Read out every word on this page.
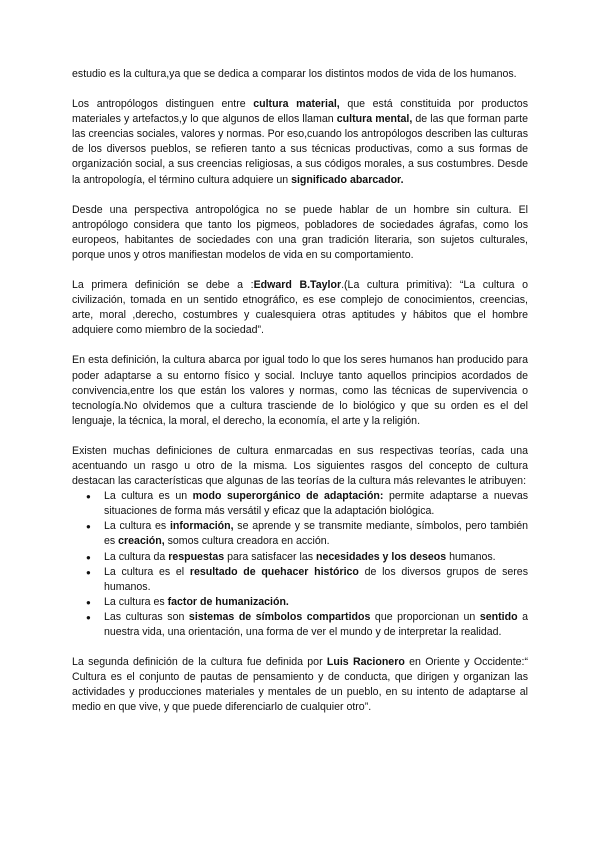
estudio es la cultura,ya que se dedica a comparar los distintos modos de vida de los humanos.

Los antropólogos distinguen entre cultura material, que está constituida por productos materiales y artefactos,y lo que algunos de ellos llaman cultura mental, de las que forman parte las creencias sociales, valores y normas. Por eso,cuando los antropólogos describen las culturas de los diversos pueblos, se refieren tanto a sus técnicas productivas, como a sus formas de organización social, a sus creencias religiosas, a sus códigos morales, a sus costumbres. Desde la antropología, el término cultura adquiere un significado abarcador.

Desde una perspectiva antropológica no se puede hablar de un hombre sin cultura. El antropólogo considera que tanto los pigmeos, pobladores de sociedades ágrafas, como los europeos, habitantes de sociedades con una gran tradición literaria, son sujetos culturales, porque unos y otros manifiestan modelos de vida en su comportamiento.

La primera definición se debe a :Edward B.Taylor.(La cultura primitiva): “La cultura o civilización, tomada en un sentido etnográfico, es ese complejo de conocimientos, creencias, arte, moral ,derecho, costumbres y cualesquiera otras aptitudes y hábitos que el hombre adquiere como miembro de la sociedad”.

En esta definición, la cultura abarca por igual todo lo que los seres humanos han producido para poder adaptarse a su entorno físico y social. Incluye tanto aquellos principios acordados de convivencia,entre los que están los valores y normas, como las técnicas de supervivencia o tecnología.No olvidemos que a cultura trasciende de lo biológico y que su orden es el del lenguaje, la técnica, la moral, el derecho, la economía, el arte y la religión.

Existen muchas definiciones de cultura enmarcadas en sus respectivas teorías, cada una acentuando un rasgo u otro de la misma. Los siguientes rasgos del concepto de cultura destacan las características que algunas de las teorías de la cultura más relevantes le atribuyen:

● La cultura es un modo superorgánico de adaptación: permite adaptarse a nuevas situaciones de forma más versátil y eficaz que la adaptación biológica.
● La cultura es información, se aprende y se transmite mediante, símbolos, pero también es creación, somos cultura creadora en acción.
● La cultura da respuestas para satisfacer las necesidades y los deseos humanos.
● La cultura es el resultado de quehacer histórico de los diversos grupos de seres humanos.
● La cultura es factor de humanización.
● Las culturas son sistemas de símbolos compartidos que proporcionan un sentido a nuestra vida, una orientación, una forma de ver el mundo y de interpretar la realidad.

La segunda definición de la cultura fue definida por Luis Racionero en Oriente y Occidente:“ Cultura es el conjunto de pautas de pensamiento y de conducta, que dirigen y organizan las actividades y producciones materiales y mentales de un pueblo, en su intento de adaptarse al medio en que vive, y que puede diferenciarlo de cualquier otro”.
